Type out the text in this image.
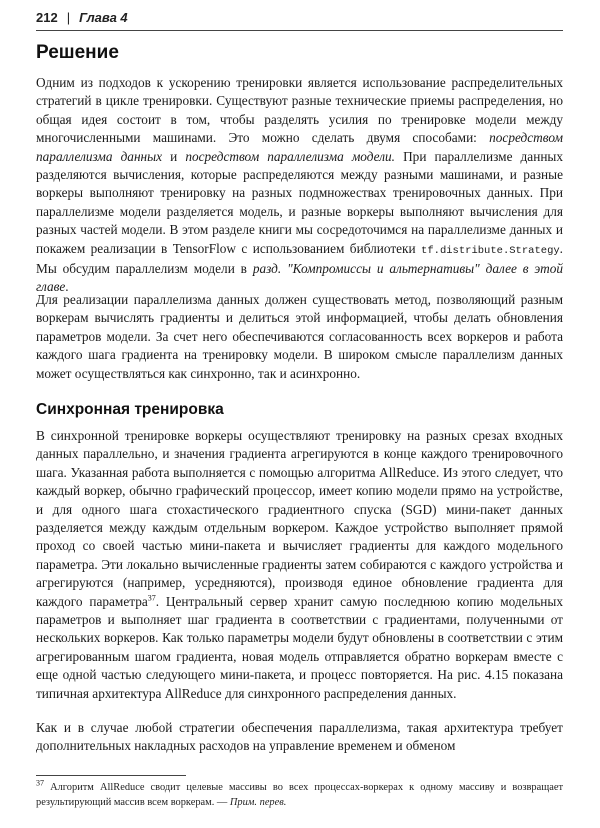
212 | Глава 4
Решение

Одним из подходов к ускорению тренировки является использование распределительных стратегий в цикле тренировки. Существуют разные технические приемы распределения, но общая идея состоит в том, чтобы разделять усилия по тренировке модели между многочисленными машинами. Это можно сделать двумя способами: посредством параллелизма данных и посредством параллелизма модели. При параллелизме данных разделяются вычисления, которые распределяются между разными машинами, и разные воркеры выполняют тренировку на разных подмножествах тренировочных данных. При параллелизме модели разделяется модель, и разные воркеры выполняют вычисления для разных частей модели. В этом разделе книги мы сосредоточимся на параллелизме данных и покажем реализации в TensorFlow с использованием библиотеки tf.distribute.Strategy. Мы обсудим параллелизм модели в разд. "Компромиссы и альтернативы" далее в этой главе.

Для реализации параллелизма данных должен существовать метод, позволяющий разным воркерам вычислять градиенты и делиться этой информацией, чтобы делать обновления параметров модели. За счет него обеспечиваются согласованность всех воркеров и работа каждого шага градиента на тренировку модели. В широком смысле параллелизм данных может осуществляться как синхронно, так и асинхронно.

Синхронная тренировка

В синхронной тренировке воркеры осуществляют тренировку на разных срезах входных данных параллельно, и значения градиента агрегируются в конце каждого тренировочного шага. Указанная работа выполняется с помощью алгоритма AllReduce. Из этого следует, что каждый воркер, обычно графический процессор, имеет копию модели прямо на устройстве, и для одного шага стохастического градиентного спуска (SGD) мини-пакет данных разделяется между каждым отдельным воркером. Каждое устройство выполняет прямой проход со своей частью мини-пакета и вычисляет градиенты для каждого модельного параметра. Эти локально вычисленные градиенты затем собираются с каждого устройства и агрегируются (например, усредняются), производя единое обновление градиента для каждого параметра$^{37}$. Центральный сервер хранит самую последнюю копию модельных параметров и выполняет шаг градиента в соответствии с градиентами, полученными от нескольких воркеров. Как только параметры модели будут обновлены в соответствии с этим агрегированным шагом градиента, новая модель отправляется обратно воркерам вместе с еще одной частью следующего мини-пакета, и процесс повторяется. На рис. 4.15 показана типичная архитектура AllReduce для синхронного распределения данных.

Как и в случае любой стратегии обеспечения параллелизма, такая архитектура требует дополнительных накладных расходов на управление временем и обменом

$^{37}$ Алгоритм AllReduce сводит целевые массивы во всех процессах-воркерах к одному массиву и возвращает результирующий массив всем воркерам. — Прим. перев.
